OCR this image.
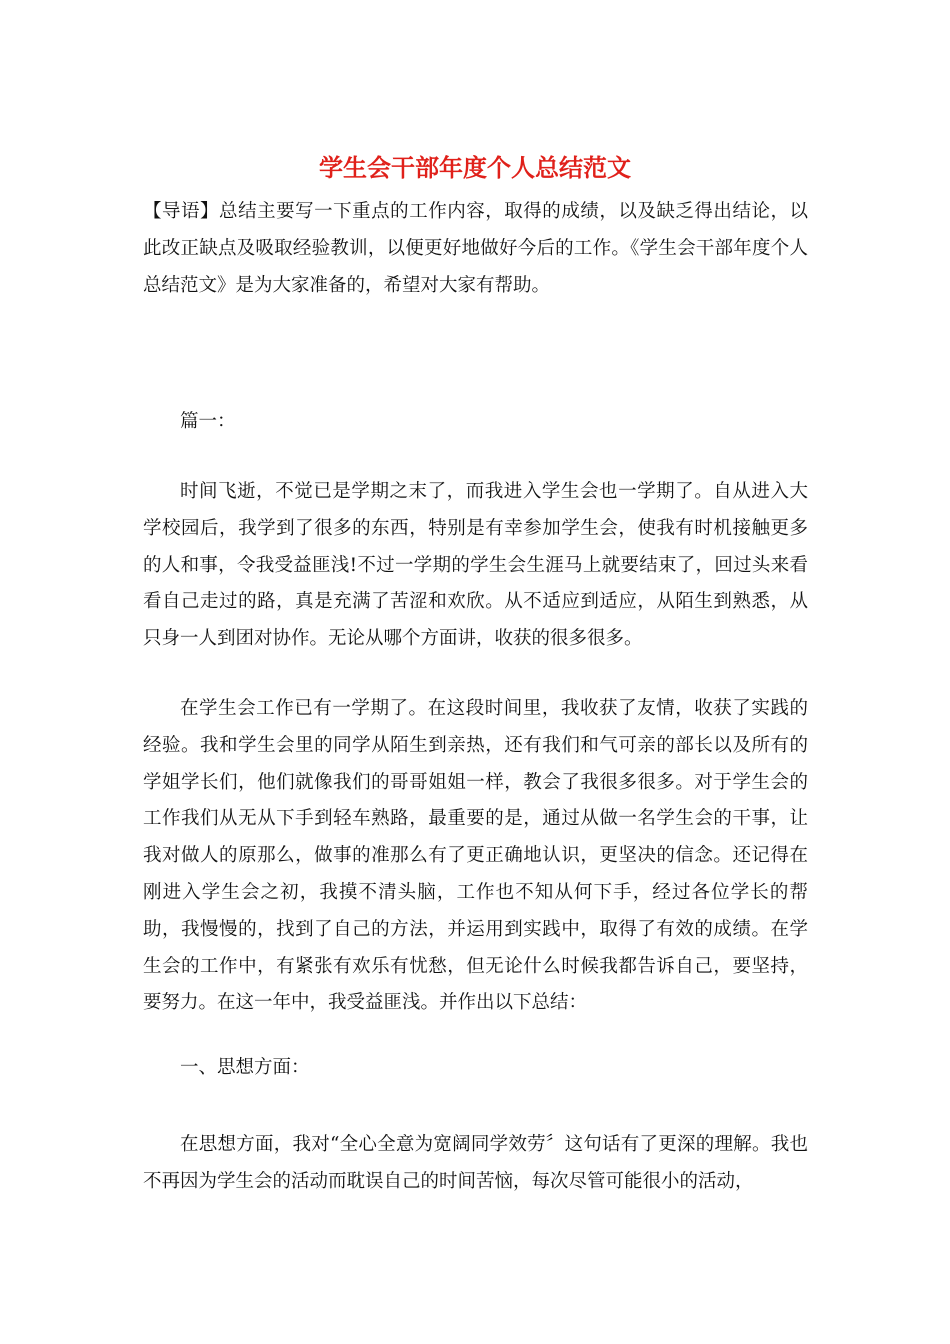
学生会干部年度个人总结范文

【导语】总结主要写一下重点的工作内容，取得的成绩，以及缺乏得出结论，以此改正缺点及吸取经验教训，以便更好地做好今后的工作。《学生会干部年度个人总结范文》是为大家准备的，希望对大家有帮助。

篇一：

时间飞逝，不觉已是学期之末了，而我进入学生会也一学期了。自从进入大学校园后，我学到了很多的东西，特别是有幸参加学生会，使我有时机接触更多的人和事，令我受益匪浅!不过一学期的学生会生涯马上就要结束了，回过头来看看自己走过的路，真是充满了苦涩和欢欣。从不适应到适应，从陌生到熟悉，从只身一人到团对协作。无论从哪个方面讲，收获的很多很多。

在学生会工作已有一学期了。在这段时间里，我收获了友情，收获了实践的经验。我和学生会里的同学从陌生到亲热，还有我们和气可亲的部长以及所有的学姐学长们，他们就像我们的哥哥姐姐一样，教会了我很多很多。对于学生会的工作我们从无从下手到轻车熟路，最重要的是，通过从做一名学生会的干事，让我对做人的原那么，做事的准那么有了更正确地认识，更坚决的信念。还记得在刚进入学生会之初，我摸不清头脑，工作也不知从何下手，经过各位学长的帮助，我慢慢的，找到了自己的方法，并运用到实践中，取得了有效的成绩。在学生会的工作中，有紧张有欢乐有忧愁，但无论什么时候我都告诉自己，要坚持，要努力。在这一年中，我受益匪浅。并作出以下总结：

一、思想方面：

在思想方面，我对“全心全意为宽阔同学效劳〞这句话有了更深的理解。我也不再因为学生会的活动而耽误自己的时间苦恼，每次尽管可能很小的活动，
